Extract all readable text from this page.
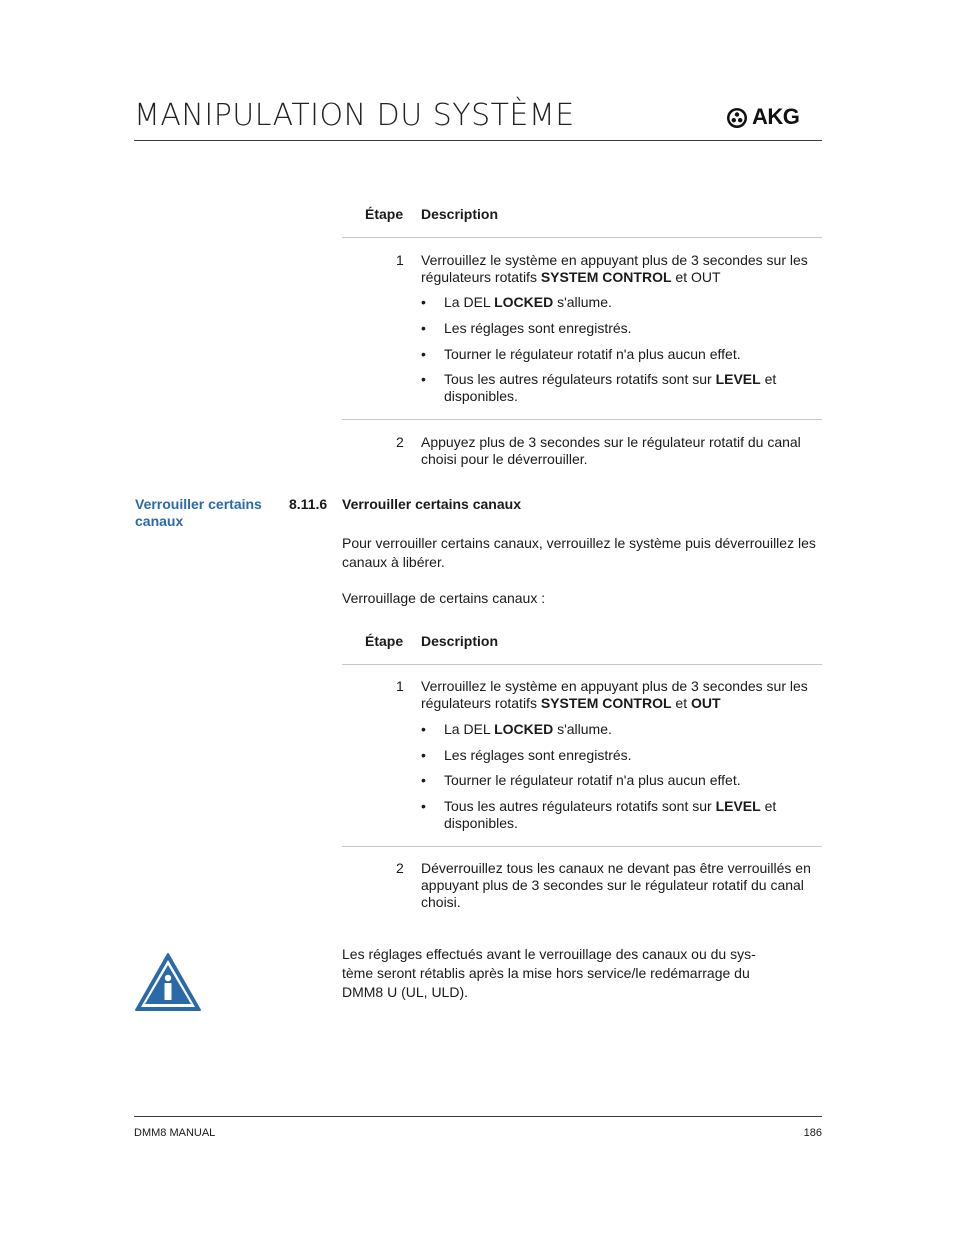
MANIPULATION DU SYSTÈME	AKG
Étape Description
1 Verrouillez le système en appuyant plus de 3 secondes sur les régulateurs rotatifs SYSTEM CONTROL et OUT
• La DEL LOCKED s'allume.
• Les réglages sont enregistrés.
• Tourner le régulateur rotatif n'a plus aucun effet.
• Tous les autres régulateurs rotatifs sont sur LEVEL et disponibles.
2 Appuyez plus de 3 secondes sur le régulateur rotatif du canal choisi pour le déverrouiller.
Verrouiller certains canaux
8.11.6 Verrouiller certains canaux
Pour verrouiller certains canaux, verrouillez le système puis déverrouillez les canaux à libérer.
Verrouillage de certains canaux :
Étape Description
1 Verrouillez le système en appuyant plus de 3 secondes sur les régulateurs rotatifs SYSTEM CONTROL et OUT
• La DEL LOCKED s'allume.
• Les réglages sont enregistrés.
• Tourner le régulateur rotatif n'a plus aucun effet.
• Tous les autres régulateurs rotatifs sont sur LEVEL et disponibles.
2 Déverrouillez tous les canaux ne devant pas être verrouillés en appuyant plus de 3 secondes sur le régulateur rotatif du canal choisi.
Les réglages effectués avant le verrouillage des canaux ou du sys-tème seront rétablis après la mise hors service/le redémarrage du DMM8 U (UL, ULD).
DMM8 MANUAL	186
